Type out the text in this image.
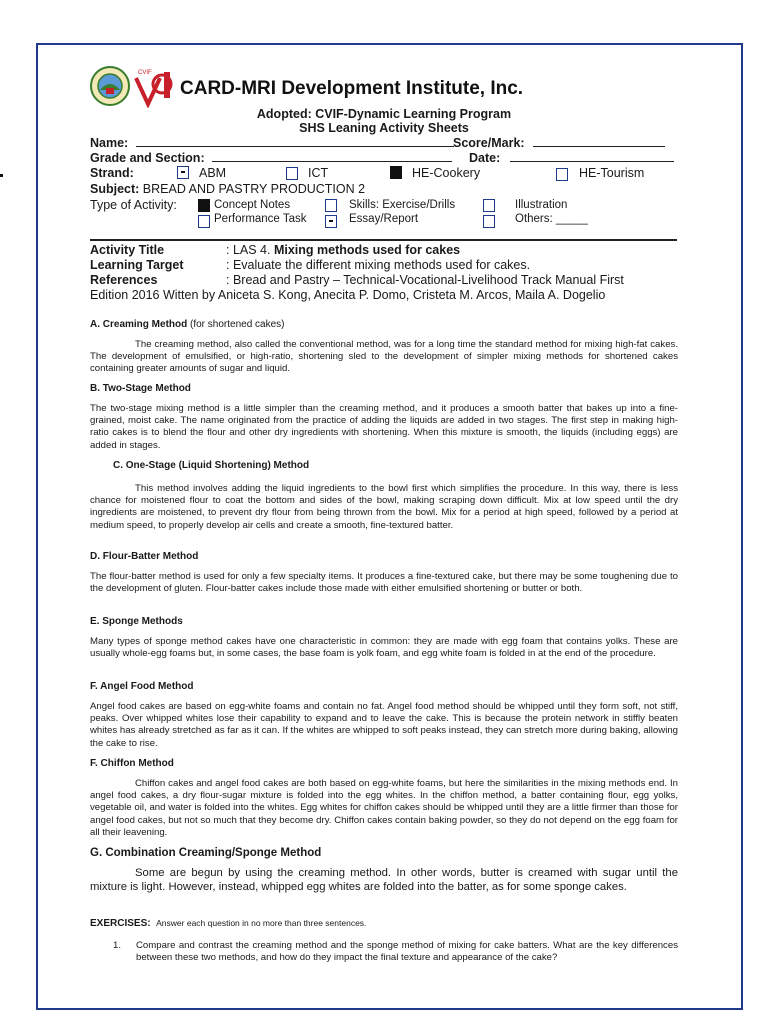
CVIF
CARD-MRI Development Institute, Inc.
Adopted: CVIF-Dynamic Learning Program
SHS Leaning Activity Sheets
Name:	Score/Mark:
Grade and Section:	Date:
Strand:	ABM	ICT	HE-Cookery	HE-Tourism
Subject: BREAD AND PASTRY PRODUCTION 2
Type of Activity:	Concept Notes	Skills: Exercise/Drills	Illustration
Performance Task	Essay/Report	Others: _____
Activity Title	: LAS 4. Mixing methods used for cakes
Learning Target	: Evaluate the different mixing methods used for cakes.
References	: Bread and Pastry – Technical-Vocational-Livelihood Track Manual First
Edition 2016 Witten by Aniceta S. Kong, Anecita P. Domo, Cristeta M. Arcos, Maila A. Dogelio
A. Creaming Method (for shortened cakes)
The creaming method, also called the conventional method, was for a long time the standard method for mixing high-fat cakes. The development of emulsified, or high-ratio, shortening sled to the development of simpler mixing methods for shortened cakes containing greater amounts of sugar and liquid.
B. Two-Stage Method
The two-stage mixing method is a little simpler than the creaming method, and it produces a smooth batter that bakes up into a fine-grained, moist cake. The name originated from the practice of adding the liquids are added in two stages. The first step in making high-ratio cakes is to blend the flour and other dry ingredients with shortening. When this mixture is smooth, the liquids (including eggs) are added in stages.
C. One-Stage (Liquid Shortening) Method
This method involves adding the liquid ingredients to the bowl first which simplifies the procedure. In this way, there is less chance for moistened flour to coat the bottom and sides of the bowl, making scraping down difficult. Mix at low speed until the dry ingredients are moistened, to prevent dry flour from being thrown from the bowl. Mix for a period at high speed, followed by a period at medium speed, to properly develop air cells and create a smooth, fine-textured batter.
D. Flour-Batter Method
The flour-batter method is used for only a few specialty items. It produces a fine-textured cake, but there may be some toughening due to the development of gluten. Flour-batter cakes include those made with either emulsified shortening or butter or both.
E. Sponge Methods
Many types of sponge method cakes have one characteristic in common: they are made with egg foam that contains yolks. These are usually whole-egg foams but, in some cases, the base foam is yolk foam, and egg white foam is folded in at the end of the procedure.
F. Angel Food Method
Angel food cakes are based on egg-white foams and contain no fat. Angel food method should be whipped until they form soft, not stiff, peaks. Over whipped whites lose their capability to expand and to leave the cake. This is because the protein network in stiffly beaten whites has already stretched as far as it can. If the whites are whipped to soft peaks instead, they can stretch more during baking, allowing the cake to rise.
F. Chiffon Method
Chiffon cakes and angel food cakes are both based on egg-white foams, but here the similarities in the mixing methods end. In angel food cakes, a dry flour-sugar mixture is folded into the egg whites. In the chiffon method, a batter containing flour, egg yolks, vegetable oil, and water is folded into the whites. Egg whites for chiffon cakes should be whipped until they are a little firmer than those for angel food cakes, but not so much that they become dry. Chiffon cakes contain baking powder, so they do not depend on the egg foam for all their leavening.
G. Combination Creaming/Sponge Method
Some are begun by using the creaming method. In other words, butter is creamed with sugar until the mixture is light. However, instead, whipped egg whites are folded into the batter, as for some sponge cakes.
EXERCISES: Answer each question in no more than three sentences.
1. Compare and contrast the creaming method and the sponge method of mixing for cake batters. What are the key differences between these two methods, and how do they impact the final texture and appearance of the cake?
